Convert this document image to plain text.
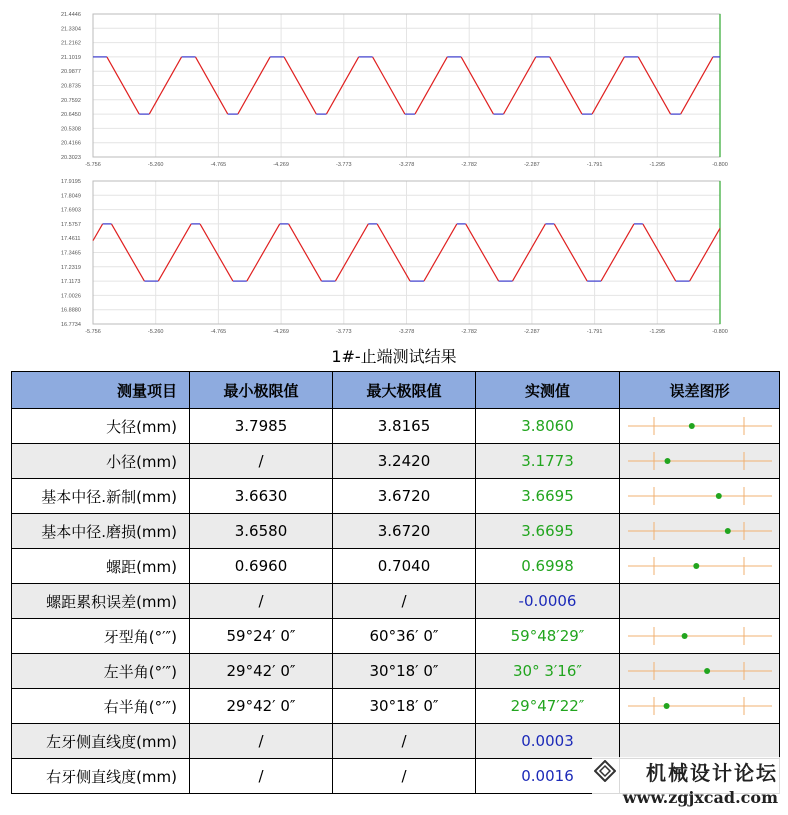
21.4446
21.3304
21.2162
21.1019
20.9877
20.8735
20.7592
20.6450
20.5308
20.4166
20.3023
-5.756	-5.260	-4.765	-4.269	-3.773	-3.278	-2.782	-2.287	-1.791	-1.295	-0.800
17.9195
17.8049
17.6903
17.5757
17.4611
17.3465
17.2319
17.1173
17.0026
16.8880
16.7734
-5.756	-5.260	-4.765	-4.269	-3.773	-3.278	-2.782	-2.287	-1.791	-1.295	-0.800
1#-止端测试结果
测量项目	最小极限值	最大极限值	实测值	误差图形
大径(mm)	3.7985	3.8165	3.8060	

小径(mm)	/	3.2420	3.1773	

基本中径.新制(mm)	3.6630	3.6720	3.6695	

基本中径.磨损(mm)	3.6580	3.6720	3.6695	

螺距(mm)	0.6960	0.7040	0.6998	

螺距累积误差(mm)	/	/	-0.0006	
牙型角(°′″)	59°24′ 0″	60°36′ 0″	59°48′29″	

左半角(°′″)	29°42′ 0″	30°18′ 0″	30° 3′16″	

右半角(°′″)	29°42′ 0″	30°18′ 0″	29°47′22″	

左牙侧直线度(mm)	/	/	0.0003	
右牙侧直线度(mm)	/	/	0.0016		机械设计论坛
www.zgjxcad.com
